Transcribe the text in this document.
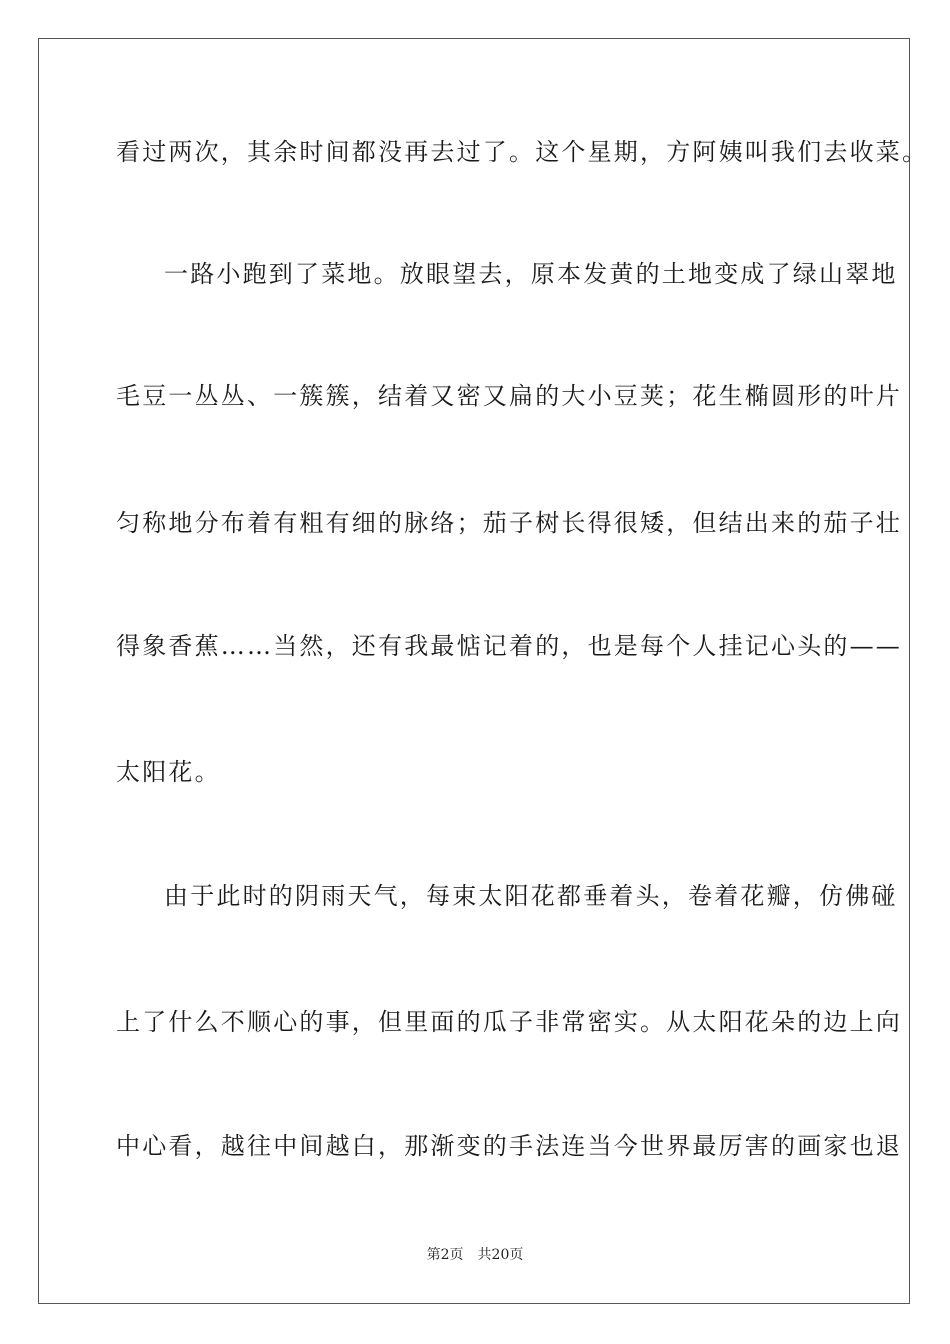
看过两次，其余时间都没再去过了。这个星期，方阿姨叫我们去收菜。
一路小跑到了菜地。放眼望去，原本发黄的土地变成了绿山翠地
毛豆一丛丛、一簇簇，结着又密又扁的大小豆荚；花生椭圆形的叶片
匀称地分布着有粗有细的脉络；茄子树长得很矮，但结出来的茄子壮
得象香蕉……当然，还有我最惦记着的，也是每个人挂记心头的——
太阳花。
由于此时的阴雨天气，每束太阳花都垂着头，卷着花瓣，仿佛碰
上了什么不顺心的事，但里面的瓜子非常密实。从太阳花朵的边上向
中心看，越往中间越白，那渐变的手法连当今世界最厉害的画家也退
第2页 共20页
